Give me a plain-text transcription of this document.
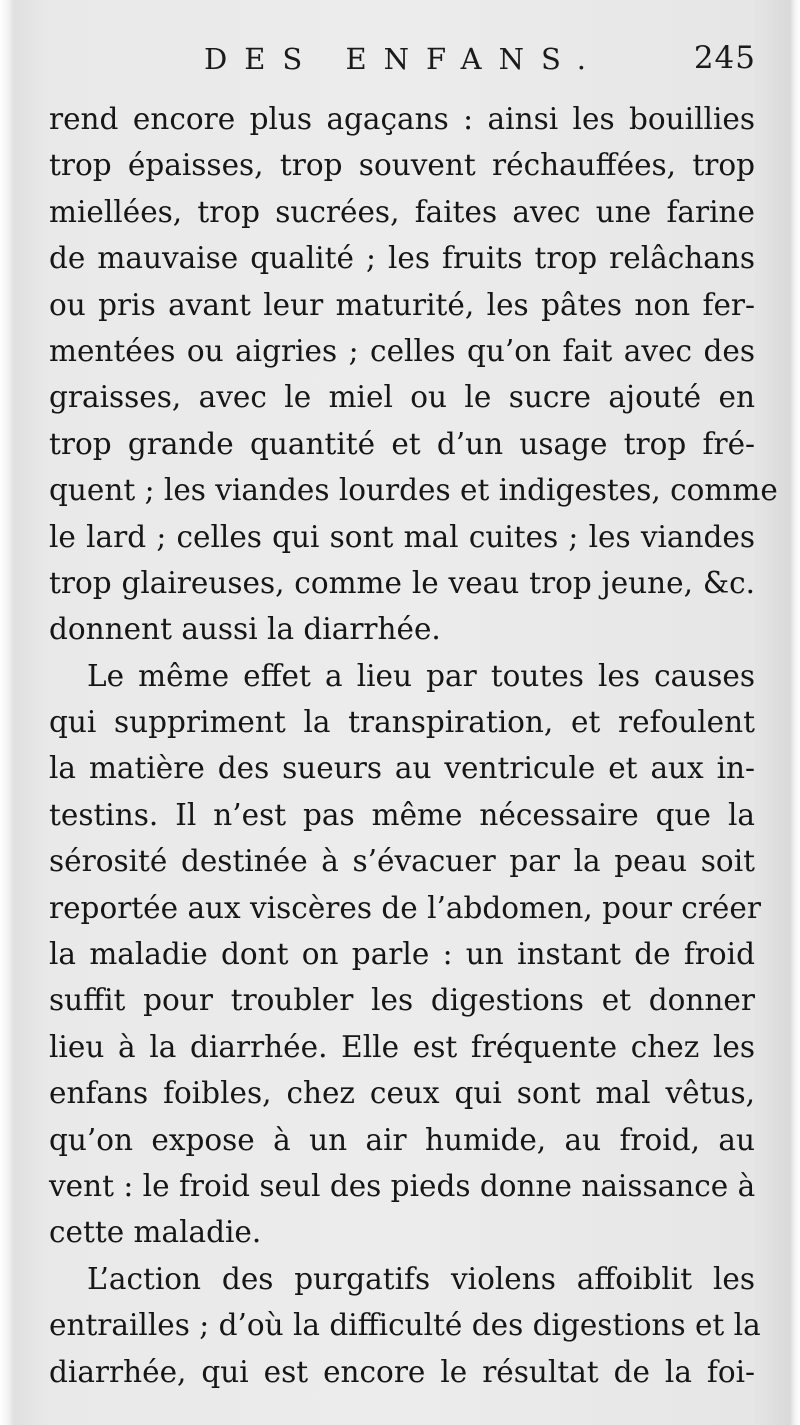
DES ENFANS.	245
rend encore plus agaçans : ainsi les bouillies
trop épaisses, trop souvent réchauffées, trop
miellées, trop sucrées, faites avec une farine
de mauvaise qualité ; les fruits trop relâchans
ou pris avant leur maturité, les pâtes non fer-
mentées ou aigries ; celles qu’on fait avec des
graisses, avec le miel ou le sucre ajouté en
trop grande quantité et d’un usage trop fré-
quent ; les viandes lourdes et indigestes, comme
le lard ; celles qui sont mal cuites ; les viandes
trop glaireuses, comme le veau trop jeune, &c.
donnent aussi la diarrhée.
Le même effet a lieu par toutes les causes
qui suppriment la transpiration, et refoulent
la matière des sueurs au ventricule et aux in-
testins. Il n’est pas même nécessaire que la
sérosité destinée à s’évacuer par la peau soit
reportée aux viscères de l’abdomen, pour créer
la maladie dont on parle : un instant de froid
suffit pour troubler les digestions et donner
lieu à la diarrhée. Elle est fréquente chez les
enfans foibles, chez ceux qui sont mal vêtus,
qu’on expose à un air humide, au froid, au
vent : le froid seul des pieds donne naissance à
cette maladie.
L’action des purgatifs violens affoiblit les
entrailles ; d’où la difficulté des digestions et la
diarrhée, qui est encore le résultat de la foi-
